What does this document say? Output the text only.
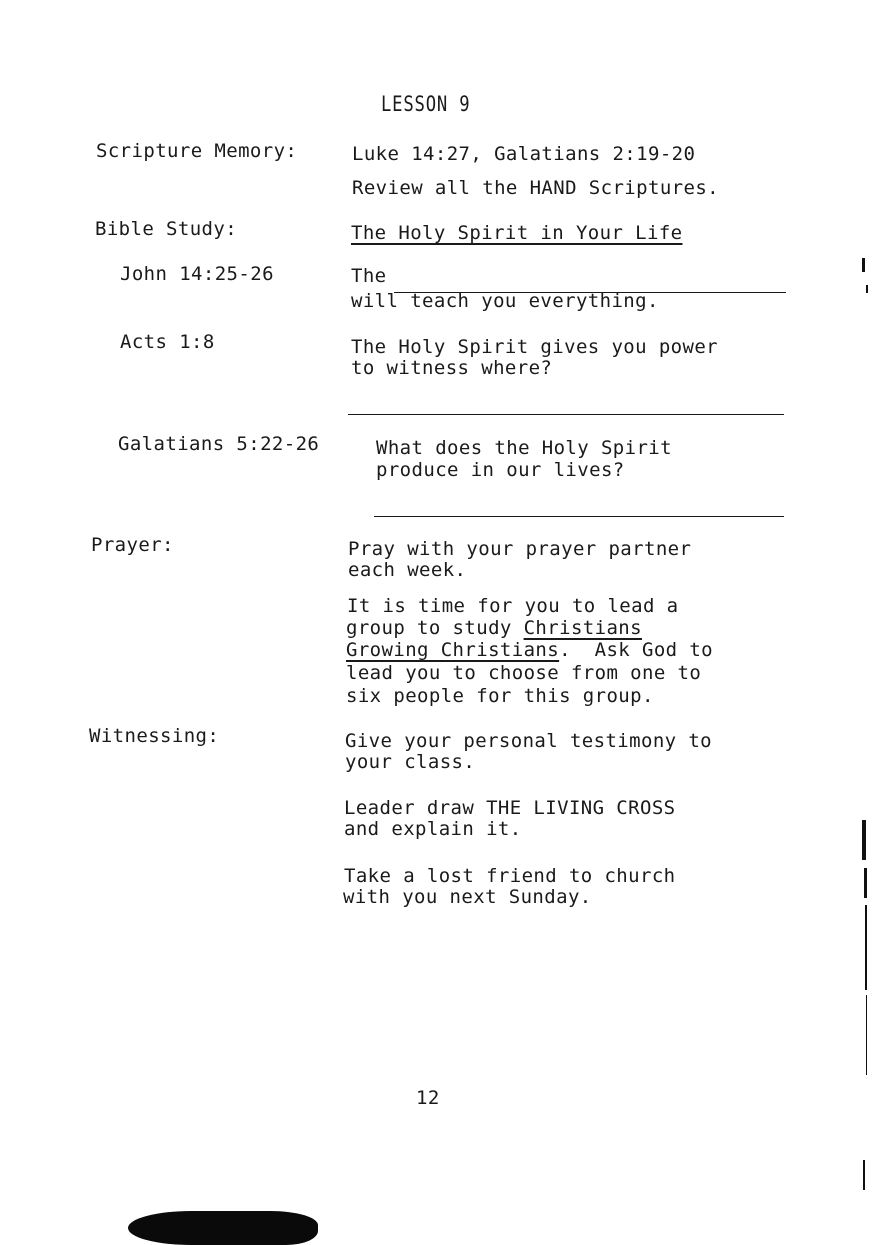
LESSON 9
Scripture Memory:	Luke 14:27, Galatians 2:19-20
Review all the HAND Scriptures.
Bible Study:	The Holy Spirit in Your Life
John 14:25-26	The
will teach you everything.
Acts 1:8	The Holy Spirit gives you power
to witness where?
Galatians 5:22-26	What does the Holy Spirit
produce in our lives?
Prayer:	Pray with your prayer partner
each week.
It is time for you to lead a
group to study Christians
Growing Christians.  Ask God to
lead you to choose from one to
six people for this group.
Witnessing:	Give your personal testimony to
your class.
Leader draw THE LIVING CROSS
and explain it.
Take a lost friend to church
with you next Sunday.
12
